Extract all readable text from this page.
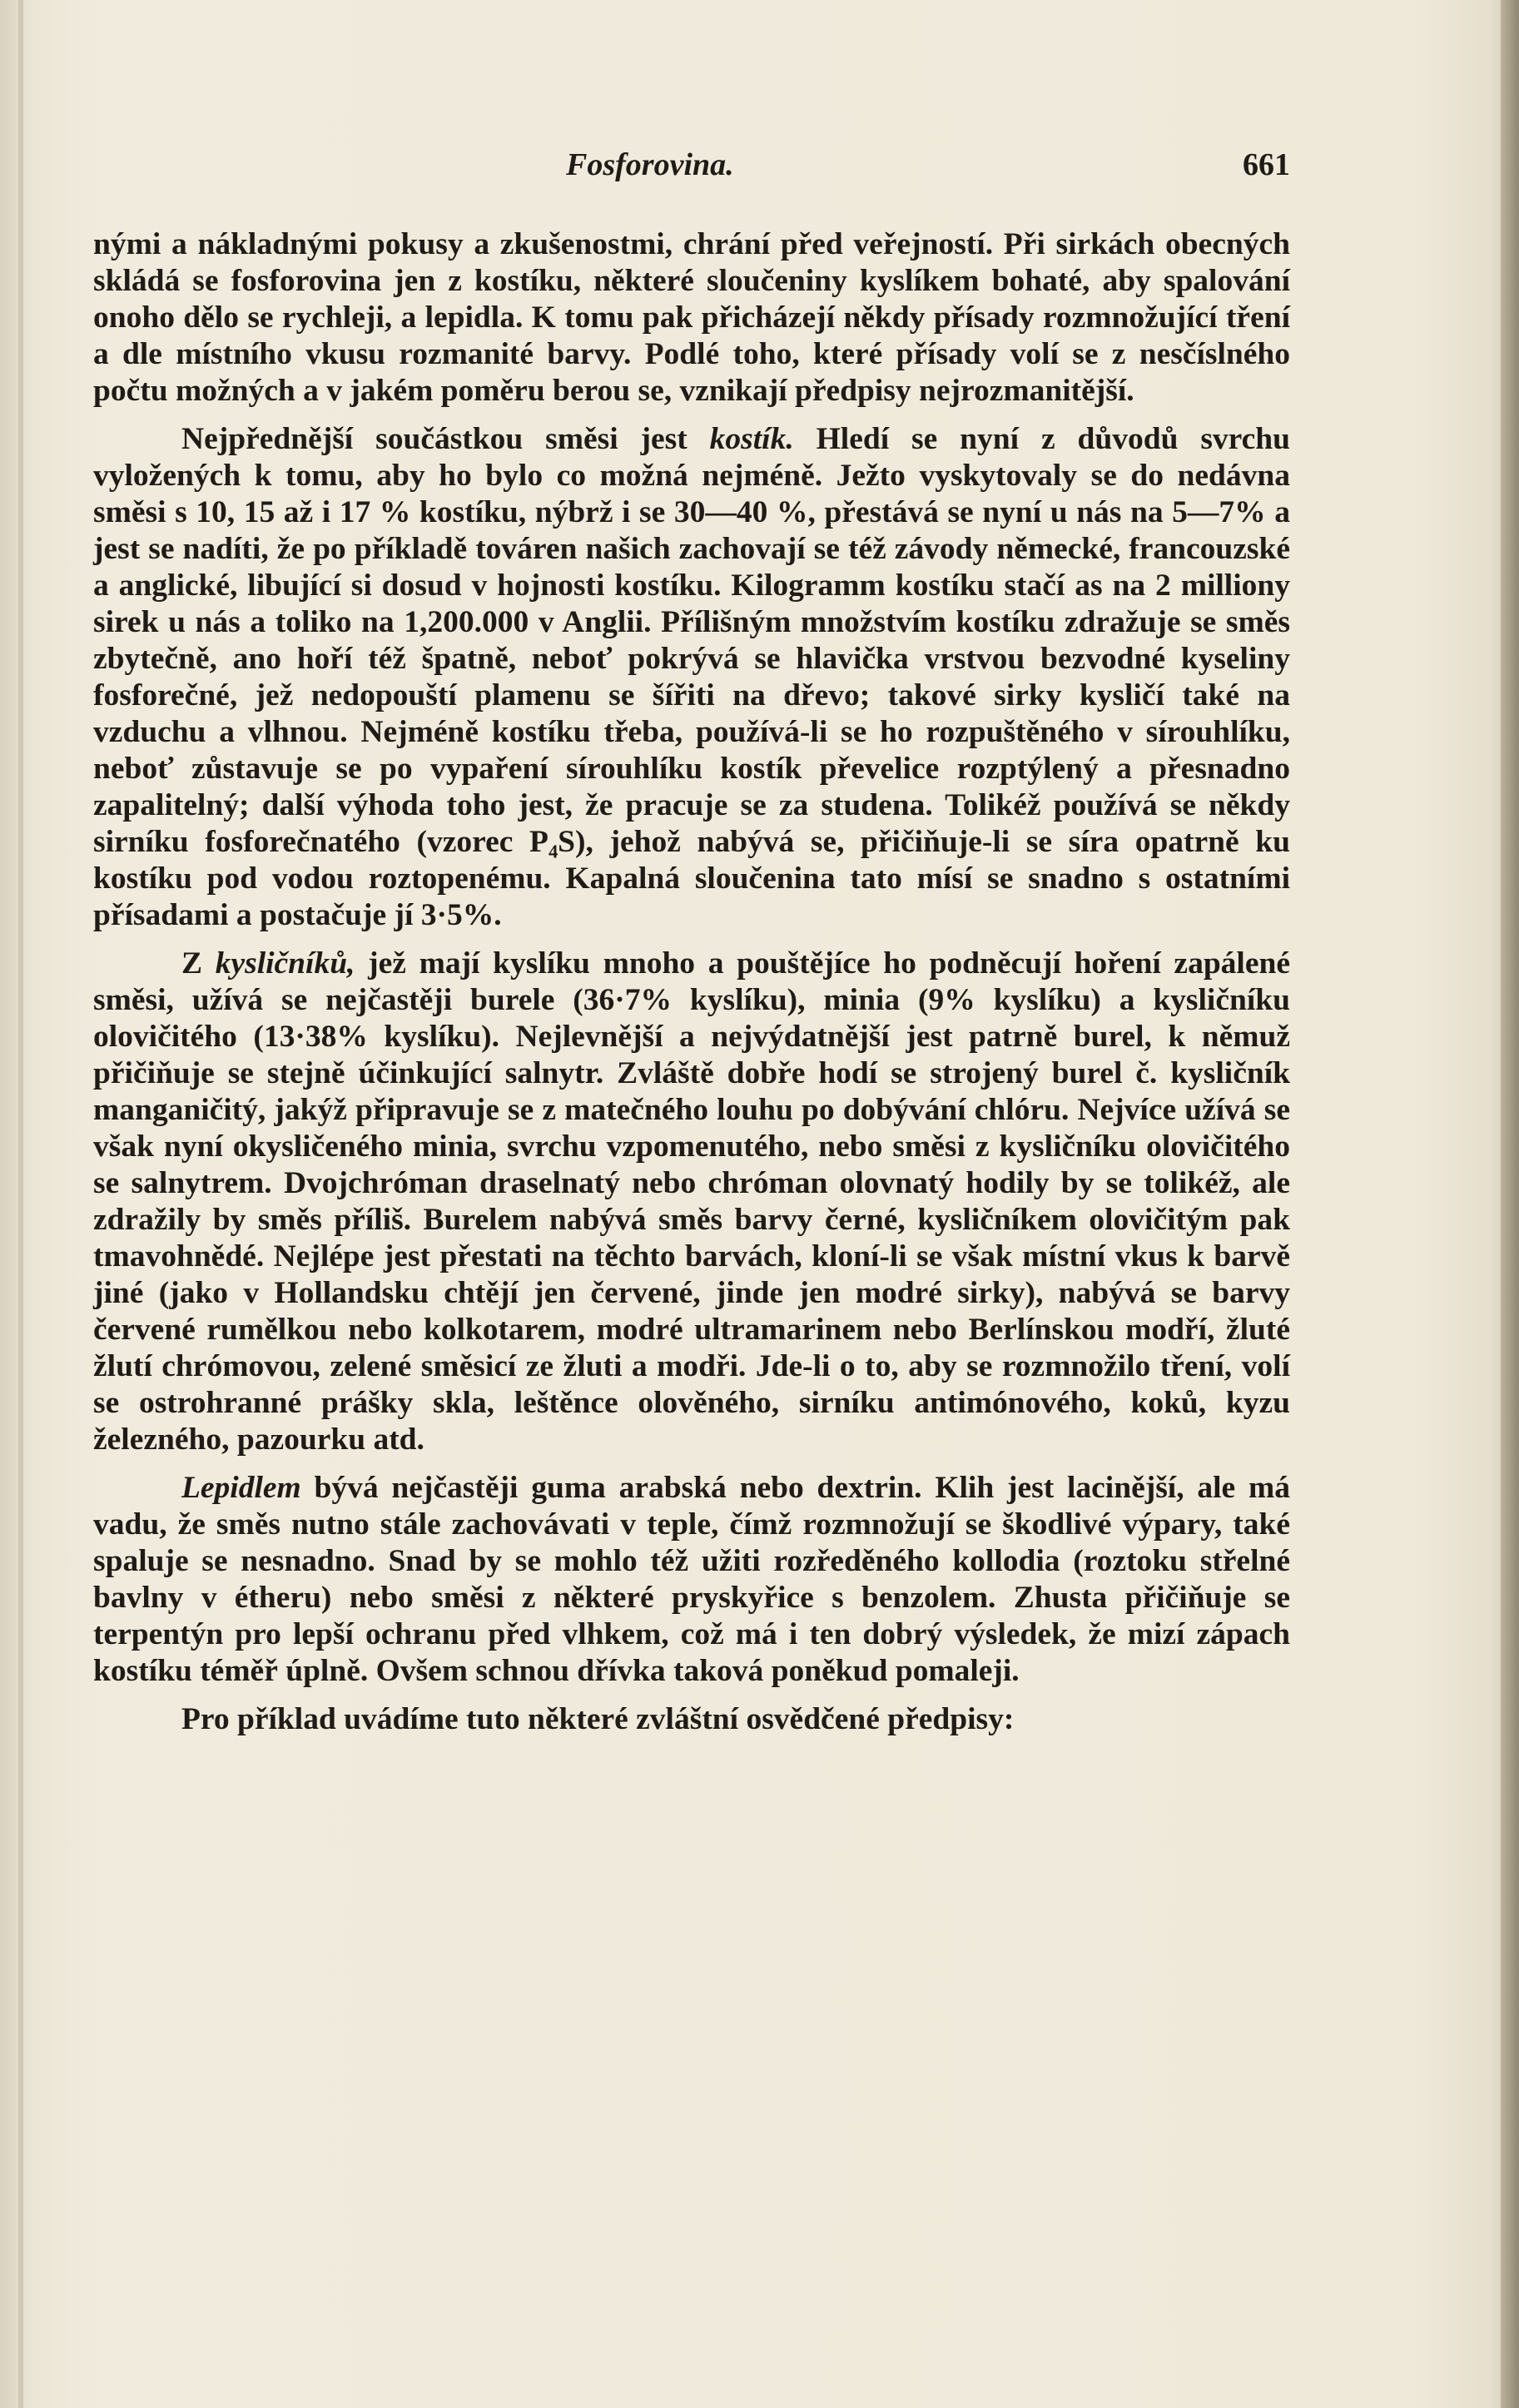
Fosforovina.	661

nými a nákladnými pokusy a zkušenostmi, chrání před veřejností. Při sirkách obecných skládá se fosforovina jen z kostíku, některé sloučeniny kyslíkem bohaté, aby spalování onoho dělo se rychleji, a lepidla. K tomu pak přicházejí někdy přísady rozmnožující tření a dle místního vkusu rozmanité barvy. Podlé toho, které přísady volí se z nesčíslného počtu možných a v jakém poměru berou se, vznikají předpisy nejrozmanitější.

Nejpřednější součástkou směsi jest kostík. Hledí se nyní z důvodů svrchu vyložených k tomu, aby ho bylo co možná nejméně. Ježto vyskytovaly se do nedávna směsi s 10, 15 až i 17 % kostíku, nýbrž i se 30—40 %, přestává se nyní u nás na 5—7% a jest se nadíti, že po příkladě továren našich zachovají se též závody německé, francouzské a anglické, libující si dosud v hojnosti kostíku. Kilogramm kostíku stačí as na 2 milliony sirek u nás a toliko na 1,200.000 v Anglii. Přílišným množstvím kostíku zdražuje se směs zbytečně, ano hoří též špatně, neboť pokrývá se hlavička vrstvou bezvodné kyseliny fosforečné, jež nedopouští plamenu se šířiti na dřevo; takové sirky kysličí také na vzduchu a vlhnou. Nejméně kostíku třeba, používá-li se ho rozpuštěného v sírouhlíku, neboť zůstavuje se po vypaření sírouhlíku kostík převelice rozptýlený a přesnadno zapalitelný; další výhoda toho jest, že pracuje se za studena. Tolikéž používá se někdy sirníku fosforečnatého (vzorec P₄S), jehož nabývá se, přičiňuje-li se síra opatrně ku kostíku pod vodou roztopenému. Kapalná sloučenina tato mísí se snadno s ostatními přísadami a postačuje jí 3·5%.

Z kysličníků, jež mají kyslíku mnoho a pouštějíce ho podněcují hoření zapálené směsi, užívá se nejčastěji burele (36·7% kyslíku), minia (9% kyslíku) a kysličníku olovičitého (13·38% kyslíku). Nejlevnější a nejvýdatnější jest patrně burel, k němuž přičiňuje se stejně účinkující salnytr. Zvláště dobře hodí se strojený burel č. kysličník manganičitý, jakýž připravuje se z matečného louhu po dobývání chlóru. Nejvíce užívá se však nyní okysličeného minia, svrchu vzpomenutého, nebo směsi z kysličníku olovičitého se salnytrem. Dvojchróman draselnatý nebo chróman olovnatý hodily by se tolikéž, ale zdražily by směs příliš. Burelem nabývá směs barvy černé, kysličníkem olovičitým pak tmavohnědé. Nejlépe jest přestati na těchto barvách, kloní-li se však místní vkus k barvě jiné (jako v Hollandsku chtějí jen červené, jinde jen modré sirky), nabývá se barvy červené rumělkou nebo kolkotarem, modré ultramarinem nebo Berlínskou modří, žluté žlutí chrómovou, zelené směsicí ze žluti a modři. Jde-li o to, aby se rozmnožilo tření, volí se ostrohranné prášky skla, leštěnce olověného, sirníku antimónového, koků, kyzu železného, pazourku atd.

Lepidlem bývá nejčastěji guma arabská nebo dextrin. Klih jest lacinější, ale má vadu, že směs nutno stále zachovávati v teple, čímž rozmnožují se škodlivé výpary, také spaluje se nesnadno. Snad by se mohlo též užiti rozředěného kollodia (roztoku střelné bavlny v étheru) nebo směsi z některé pryskyřice s benzolem. Zhusta přičiňuje se terpentýn pro lepší ochranu před vlhkem, což má i ten dobrý výsledek, že mizí zápach kostíku téměř úplně. Ovšem schnou dřívka taková poněkud pomaleji.

Pro příklad uvádíme tuto některé zvláštní osvědčené předpisy:
